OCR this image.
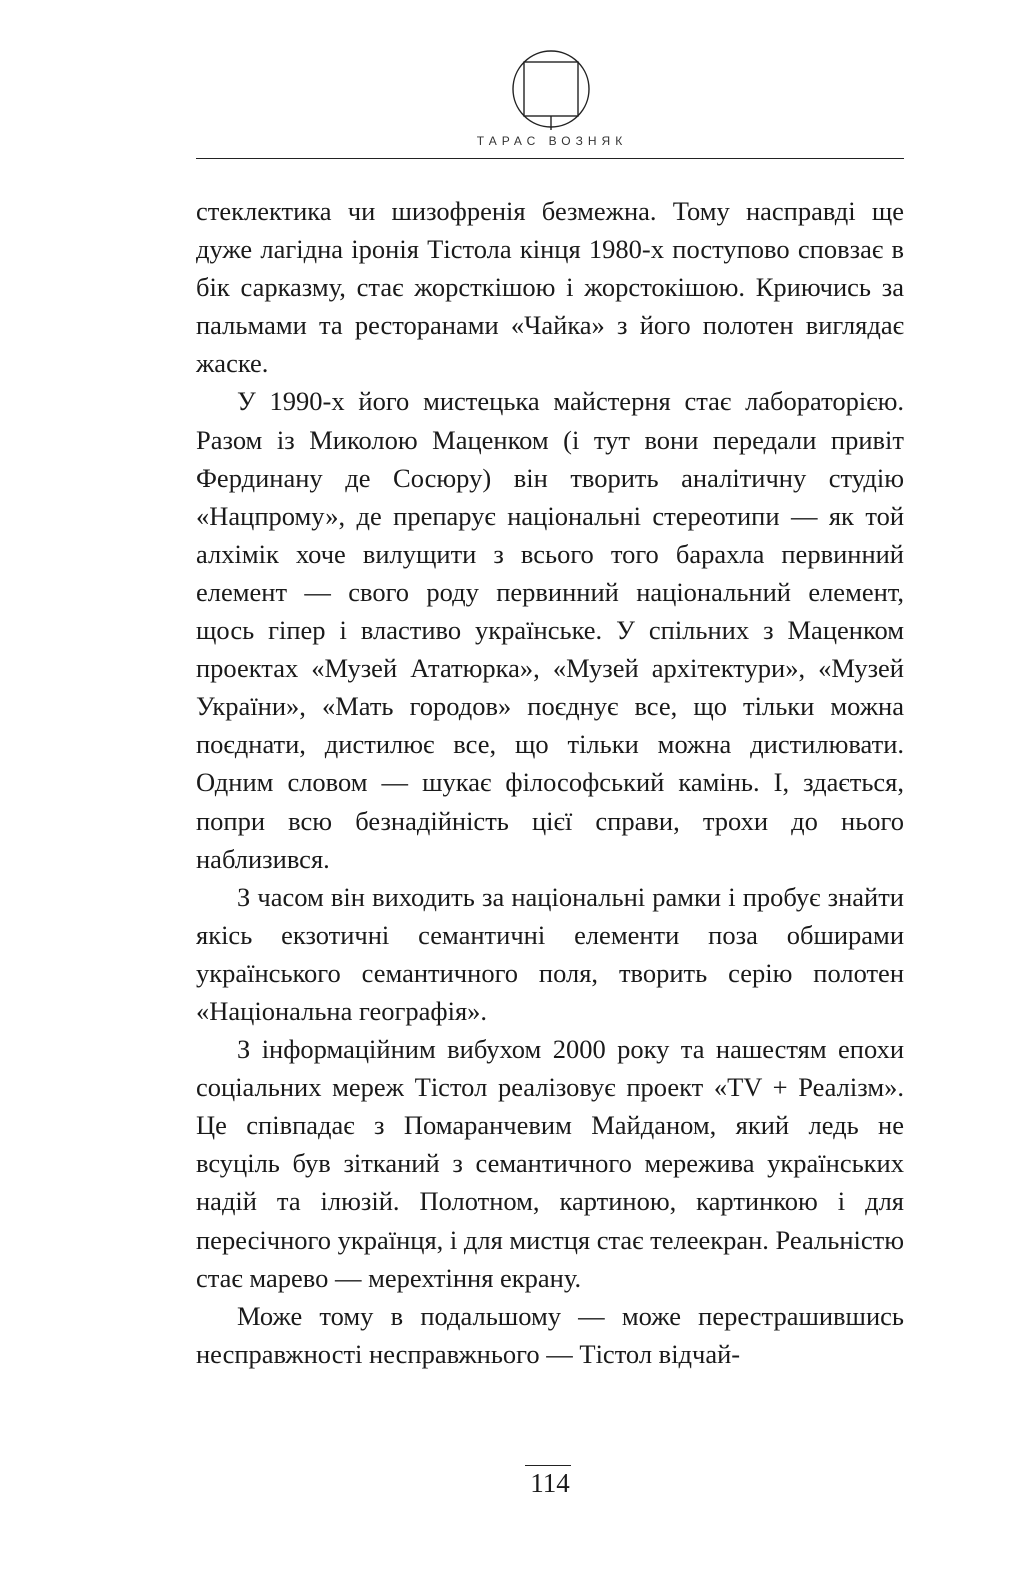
ТАРАС ВОЗНЯК

стеклектика чи шизофренія безмежна. Тому насправді ще дуже лагідна іронія Тістола кінця 1980-х поступово сповзає в бік сарказму, стає жорсткішою і жорстокішою. Криючись за пальмами та ресторанами «Чайка» з його полотен виглядає жаске.

У 1990-х його мистецька майстерня стає лабораторією. Разом із Миколою Маценком (і тут вони передали привіт Фердинану де Сосюру) він творить аналітичну студію «Нацпрому», де препарує національні стереотипи — як той алхімік хоче вилущити з всього того бараxла первинний елемент — свого роду первинний національний елемент, щось гіпер і властиво українське. У спільних з Маценком проектах «Музей Ататюрка», «Музей архітектури», «Музей України», «Мать городов» поєднує все, що тільки можна поєднати, дистилює все, що тільки можна дистилювати. Одним словом — шукає філософський камінь. І, здається, попри всю безнадійність цієї справи, трохи до нього наблизився.

З часом він виходить за національні рамки і пробує знайти якісь екзотичні семантичні елементи поза обширами українського семантичного поля, творить серію полотен «Національна географія».

З інформаційним вибухом 2000 року та нашестям епохи соціальних мереж Тістол реалізовує проект «TV + Реалізм». Це співпадає з Помаранчевим Майданом, який ледь не всуціль був зітканий з семантичного мережива українських надій та ілюзій. Полотном, картиною, картинкою і для пересічного українця, і для мистця стає телеекран. Реальністю стає марево — мерехтіння екрану.

Може тому в подальшому — може перестрашившись несправжності несправжнього — Тістол відчай-

114
